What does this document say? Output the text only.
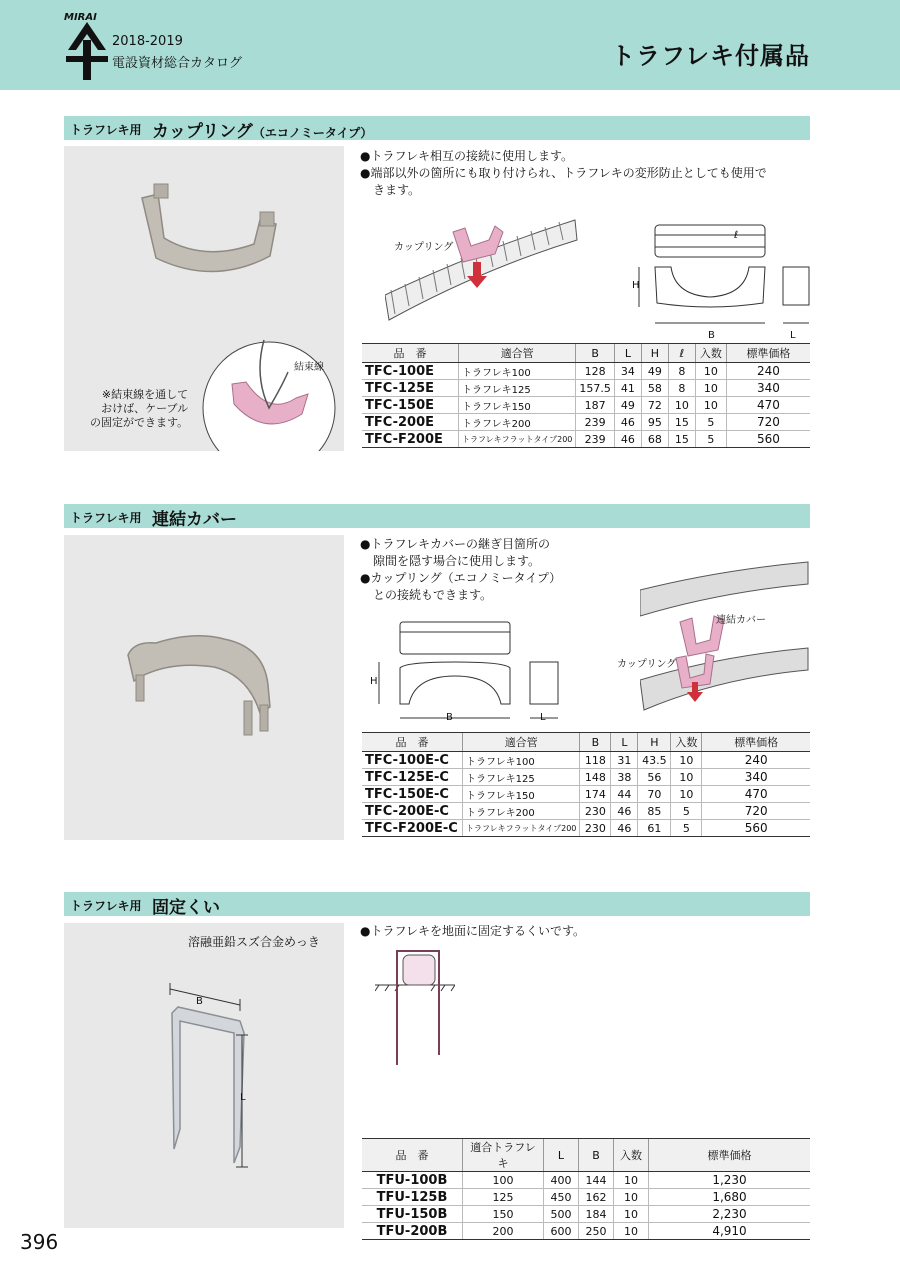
MIRAI
2018-2019
電設資材総合カタログ	トラフレキ付属品
トラフレキ用 カップリング（エコノミータイプ）
結束線
※結束線を通して
おけば、ケーブル
の固定ができます。
●トラフレキ相互の接続に使用します。
●端部以外の箇所にも取り付けられ、トラフレキの変形防止としても使用で
きます。
カップリング
B
H
L
ℓ
品　番	適合管	B	L	H	ℓ	入数	標準価格
TFC-100E	トラフレキ100	128	34	49	8	10	240
TFC-125E	トラフレキ125	157.5	41	58	8	10	340
TFC-150E	トラフレキ150	187	49	72	10	10	470
TFC-200E	トラフレキ200	239	46	95	15	5	720
TFC-F200E	トラフレキフラットタイプ200	239	46	68	15	5	560
トラフレキ用 連結カバー
●トラフレキカバーの継ぎ目箇所の
隙間を隠す場合に使用します。
●カップリング（エコノミータイプ）
との接続もできます。
B
H
L
連結カバー
カップリング
品　番	適合管	B	L	H	入数	標準価格
TFC-100E-C	トラフレキ100	118	31	43.5	10	240
TFC-125E-C	トラフレキ125	148	38	56	10	340
TFC-150E-C	トラフレキ150	174	44	70	10	470
TFC-200E-C	トラフレキ200	230	46	85	5	720
TFC-F200E-C	トラフレキフラットタイプ200	230	46	61	5	560
トラフレキ用 固定くい
B
L
溶融亜鉛スズ合金めっき
●トラフレキを地面に固定するくいです。
品　番	適合トラフレキ	L	B	入数	標準価格
TFU-100B	100	400	144	10	1,230
TFU-125B	125	450	162	10	1,680
TFU-150B	150	500	184	10	2,230
TFU-200B	200	600	250	10	4,910
396
